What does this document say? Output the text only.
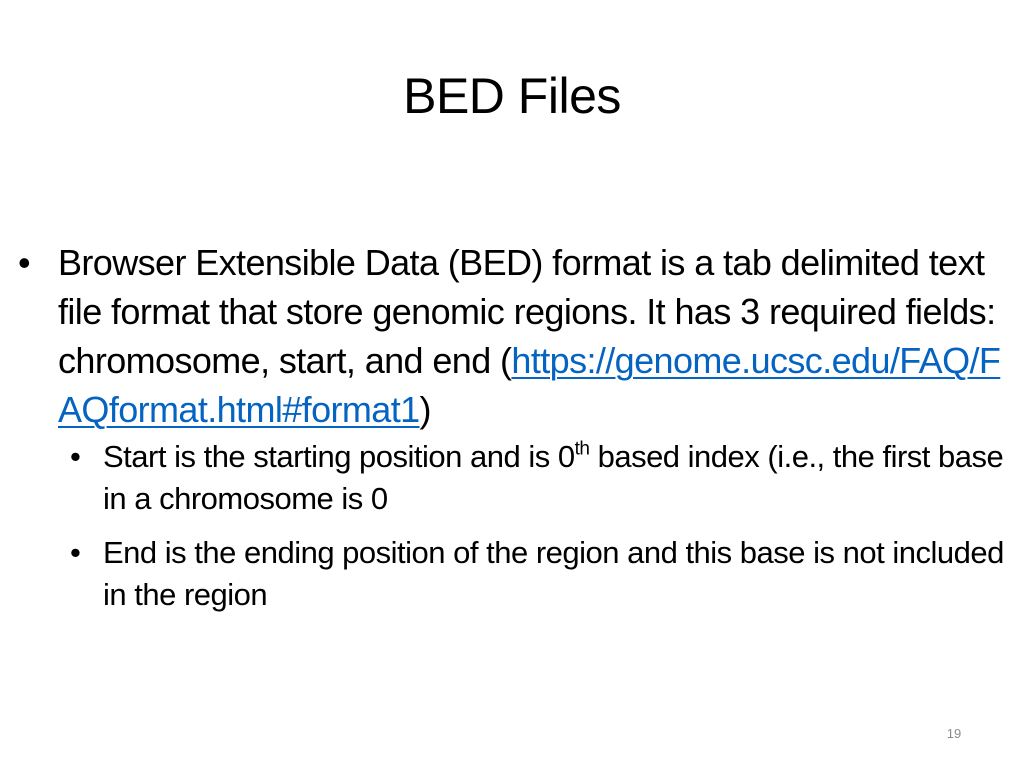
BED Files
• Browser Extensible Data (BED) format is a tab delimited text file format that store genomic regions. It has 3 required fields: chromosome, start, and end (https://genome.ucsc.edu/FAQ/FAQformat.html#format1)
• Start is the starting position and is 0th based index (i.e., the first base in a chromosome is 0
• End is the ending position of the region and this base is not included in the region
19
